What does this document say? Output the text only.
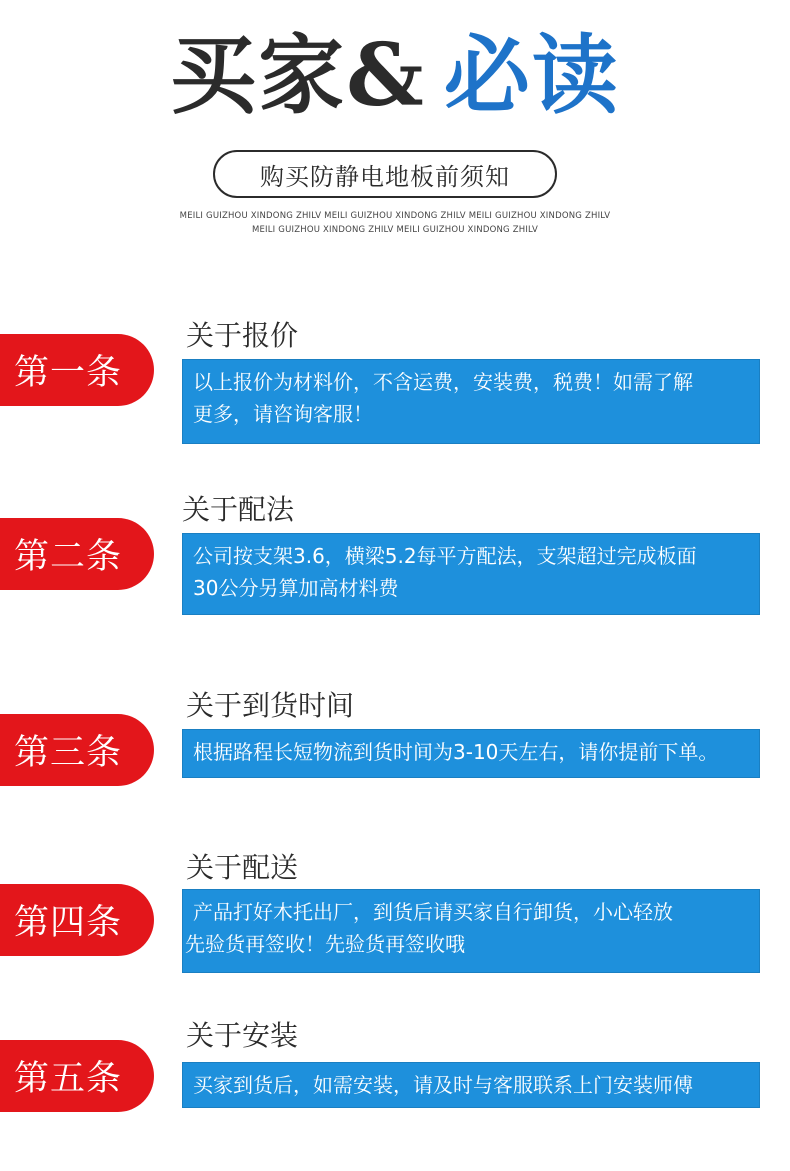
买家& 必读
购买防静电地板前须知
MEILI GUIZHOU XINDONG ZHILV MEILI GUIZHOU XINDONG ZHILV MEILI GUIZHOU XINDONG ZHILV
MEILI GUIZHOU XINDONG ZHILV MEILI GUIZHOU XINDONG ZHILV
关于报价
第一条	以上报价为材料价，不含运费，安装费，税费！如需了解
更多，请咨询客服！
关于配法
第二条	公司按支架3.6，横梁5.2每平方配法，支架超过完成板面
30公分另算加高材料费
关于到货时间
第三条	根据路程长短物流到货时间为3-10天左右，请你提前下单。
关于配送
第四条	产品打好木托出厂，到货后请买家自行卸货，小心轻放
先验货再签收！先验货再签收哦
关于安装
第五条	买家到货后，如需安装，请及时与客服联系上门安装师傅
